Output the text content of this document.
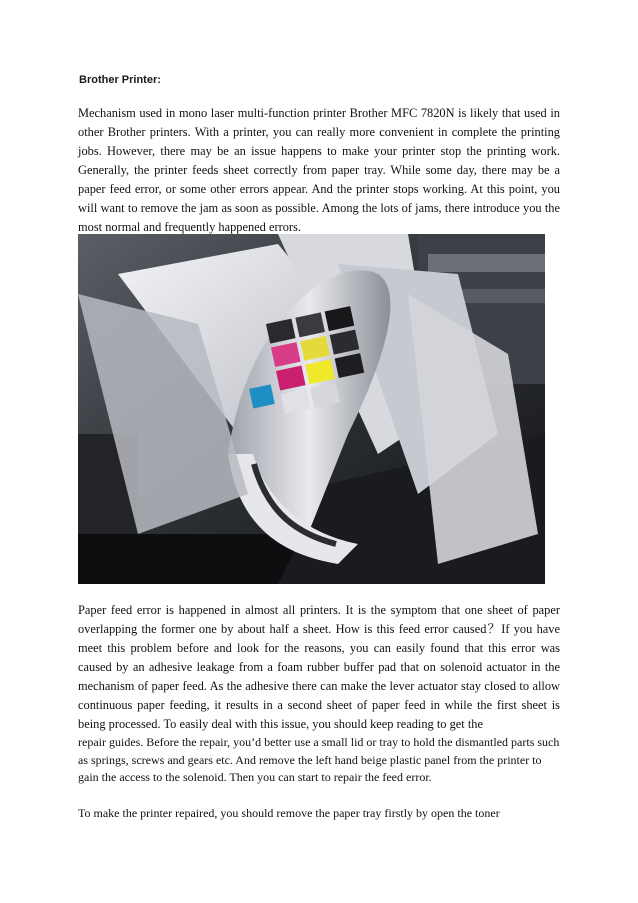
Brother Printer:

Mechanism used in mono laser multi-function printer Brother MFC 7820N is likely that used in other Brother printers. With a printer, you can really more convenient in complete the printing jobs. However, there may be an issue happens to make your printer stop the printing work. Generally, the printer feeds sheet correctly from paper tray. While some day, there may be a paper feed error, or some other errors appear. And the printer stops working. At this point, you will want to remove the jam as soon as possible. Among the lots of jams, there introduce you the most normal and frequently happened errors.

Paper feed error is happened in almost all printers. It is the symptom that one sheet of paper overlapping the former one by about half a sheet. How is this feed error caused？If you have meet this problem before and look for the reasons, you can easily found that this error was caused by an adhesive leakage from a foam rubber buffer pad that on solenoid actuator in the mechanism of paper feed. As the adhesive there can make the lever actuator stay closed to allow continuous paper feeding, it results in a second sheet of paper feed in while the first sheet is being processed. To easily deal with this issue, you should keep reading to get the

repair guides. Before the repair, you’d better use a small lid or tray to hold the dismantled parts such as springs, screws and gears etc. And remove the left hand beige plastic panel from the printer to gain the access to the solenoid. Then you can start to repair the feed error.

To make the printer repaired, you should remove the paper tray firstly by open the toner
